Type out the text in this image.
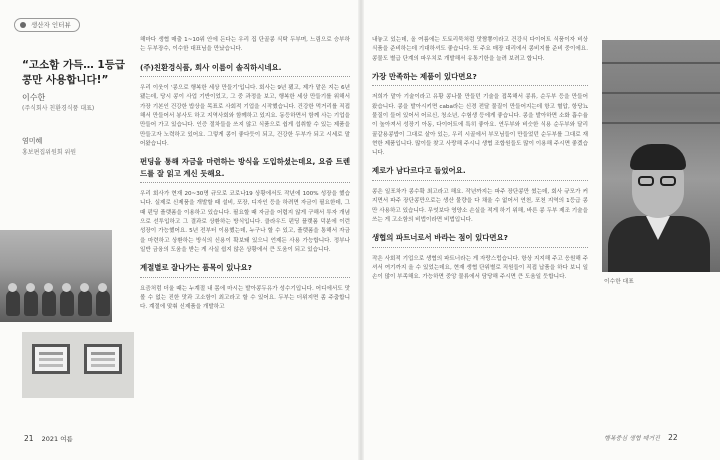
생산자 인터뷰
“고소함 가득… 1등급 콩만 사용합니다!”
이수한
(주식회사 친환경식품 대표)
염미혜
홍보편집위원회 위원

해마다 생협 매출 1~10위 안에 든다는 우리 집 단골콩 식탁 두부며, 느림으로 승부하는 두부장수, 이수한 대표님을 만났습니다.

(주)친환경식품, 회사 이름이 솔직하시네요.

우리 이웃이 '콩으로 행복한 세상 만들기'입니다. 회사는 9년 됐고, 제가 맡은 지는 6년 됐는데, 당시 콩이 사업 기반이었고, 그 중 과정을 보고, 행복한 세상 만들기를 위해서 가장 기본인 건강한 밥상을 목표로 사회적 기업을 시작했습니다. 건강한 먹거리를 직접해서 만들어서 봉사도 하고 지역사회와 함께하고 있지요. 동등하면서 함께 사는 기업을 만들어 가고 있습니다. 인증 절차들을 쓰지 않고 식품으로 쉽게 섭취할 수 있는 제품을 만들고자 노력하고 있어요. 그렇게 콩이 좋다듯이 되고, 건강한 두부가 되고 시세로 말어왔습니다.

펀딩을 통해 자금을 마련하는 방식을 도입하셨는데요, 요즘 트렌드를 잘 읽고 계신 듯해요.

우리 회사가 현재 20~30명 규모로 코로나19 상황에서도 작년에 100% 성장을 했습니다. 실제로 신제품을 개발할 때 설비, 포장, 디자인 등을 하려면 자금이 필요한데, 그때 펀딩 플랫폼을 이용하고 있습니다. 필요할 때 자금을 어렵지 않게 구해서 투자 개념으로 선투입하고 그 결과로 상환하는 방식입니다. 클라우드 펀딩 플랫폼 덕분에 이런 성장이 가능했어요. 5년 전부터 이용했는데, 누구나 할 수 있고, 플랫폼을 통해서 자금을 마련하고 상환하는 방식의 신용이 확보돼 있으니 언제든 사용 가능합니다. 정부나 일반 금융의 도움을 받는 게 사실 쉽지 않은 상황에서 큰 도움이 되고 있습니다.

계절별로 잘나가는 품목이 있나요?

요즘처럼 더울 때는 누계절 내 몸에 마시는 발아콩두유가 성수기입니다. 어디에서도 맛볼 수 없는 진한 맛과 고소함이 최고라고 할 수 있어요. 두부는 더위지면 좀 주춤합니다. 계절에 맞춰 신제품을 개발하고

내놓고 있는데, 올 여름에는 도토리묵처럼 맛짬뽕이라고 건강식 다이어트 식품이자 비상식품을 준비하는데 기대하셔도 좋습니다. 또 주요 매장 대리에서 콩비지를 준비 중이에요. 콩물도 별급 단계의 파우치로 개발해서 유통기한을 늘려 보려고 합니다.

가장 만족하는 제품이 있다면요?

저희가 맡아 기술이라고 유황 콩나물 만들던 기술을 접목해서 콩류, 순두부 등을 만들어 왔습니다. 콩을 발아시키면 caba라는 신경 전달 물질이 만들어지는데 항고 혈압, 항당뇨 물질이 들어 있어서 어르신, 청소년, 수험생 등에게 좋습니다. 콩을 발아하면 소화 흡수율이 높아져서 성장기 아동, 다이어트에 특히 좋아요. 연두부와 비슷한 식용 순두부와 달리 꿀같용콩밥이 그대로 살아 있는, 우리 시골에서 부모님들이 만들었던 순두부를 그대로 재현한 제품입니다. 많이들 찾고 사랑해 주시니 생협 조합원들도 많이 이용해 주시면 좋겠습니다.

제로가 남다르다고 들었어요.

콩은 일포차가 콩수확 최고라고 해요. 작년까지는 파주 장단콩만 썼는데, 회사 규모가 커지면서 파주 장단콩만으로는 생산 물량을 다 채울 수 없어서 연천, 포천 지역의 1등급 콩만 사용하고 있습니다. 무엇보다 영양소 손실을 적게 하기 위해, 바른 콩 두부 제조 기술을 쓰는 게 고소함의 비법이라면 비법입니다.

생협의 파트너로서 바라는 점이 있다면요?

작은 사회적 기업으로 생협의 파트너라는 게 자랑스럽습니다. 항상 지지해 주고 응원해 주셔서 여기까지 올 수 있었는데요, 현재 생협 단위별로 직원들이 직접 납품을 하다 보니 일손이 많이 부족해요. 가능하면 중앙 물류에서 담당해 주시면 큰 도움일 듯합니다.

이수한 대표
21 2021 여름	행복중심 생협 매거진 22
